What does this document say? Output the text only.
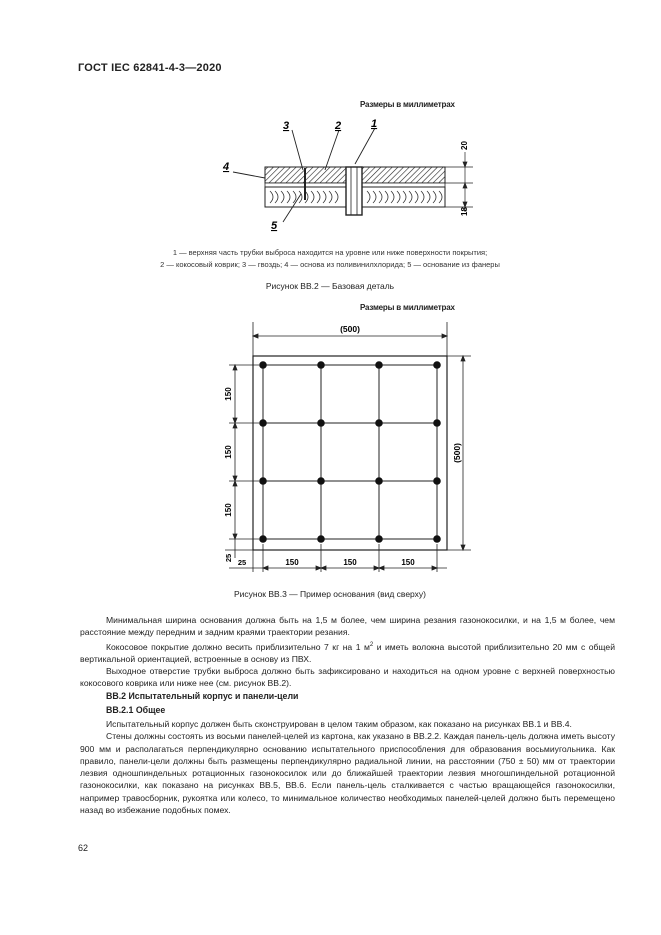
ГОСТ IEC 62841-4-3—2020
Размеры в миллиметрах
1
2
3
4
5
20
18
1 — верхняя часть трубки выброса находится на уровне или ниже поверхности покрытия;
2 — кокосовый коврик; 3 — гвоздь; 4 — основа из поливинилхлорида; 5 — основание из фанеры
Рисунок ВВ.2 — Базовая деталь
Размеры в миллиметрах
(500)
(500)
150
150
150
25 25	150	150	150
Рисунок ВВ.3 — Пример основания (вид сверху)

Минимальная ширина основания должна быть на 1,5 м более, чем ширина резания газонокосилки, и на 1,5 м более, чем расстояние между передним и задним краями траектории резания.

Кокосовое покрытие должно весить приблизительно 7 кг на 1 $м^2$ и иметь волокна высотой приблизительно 20 мм с общей вертикальной ориентацией, встроенные в основу из ПВХ.

Выходное отверстие трубки выброса должно быть зафиксировано и находиться на одном уровне с верхней поверхностью кокосового коврика или ниже нее (см. рисунок ВВ.2).

ВВ.2 Испытательный корпус и панели-цели
ВВ.2.1 Общее

Испытательный корпус должен быть сконструирован в целом таким образом, как показано на рисунках ВВ.1 и ВВ.4.

Стены должны состоять из восьми панелей-целей из картона, как указано в ВВ.2.2. Каждая панель-цель должна иметь высоту 900 мм и располагаться перпендикулярно основанию испытательного приспособления для образования восьмиугольника. Как правило, панели-цели должны быть размещены перпендикулярно радиальной линии, на расстоянии (750 ± 50) мм от траектории лезвия одношпиндельных ротационных газонокосилок или до ближайшей траектории лезвия многошпиндельной ротационной газонокосилки, как показано на рисунках ВВ.5, ВВ.6. Если панель-цель сталкивается с частью вращающейся газонокосилки, например травосборник, рукоятка или колесо, то минимальное количество необходимых панелей-целей должно быть перемещено назад во избежание подобных помех.

62
